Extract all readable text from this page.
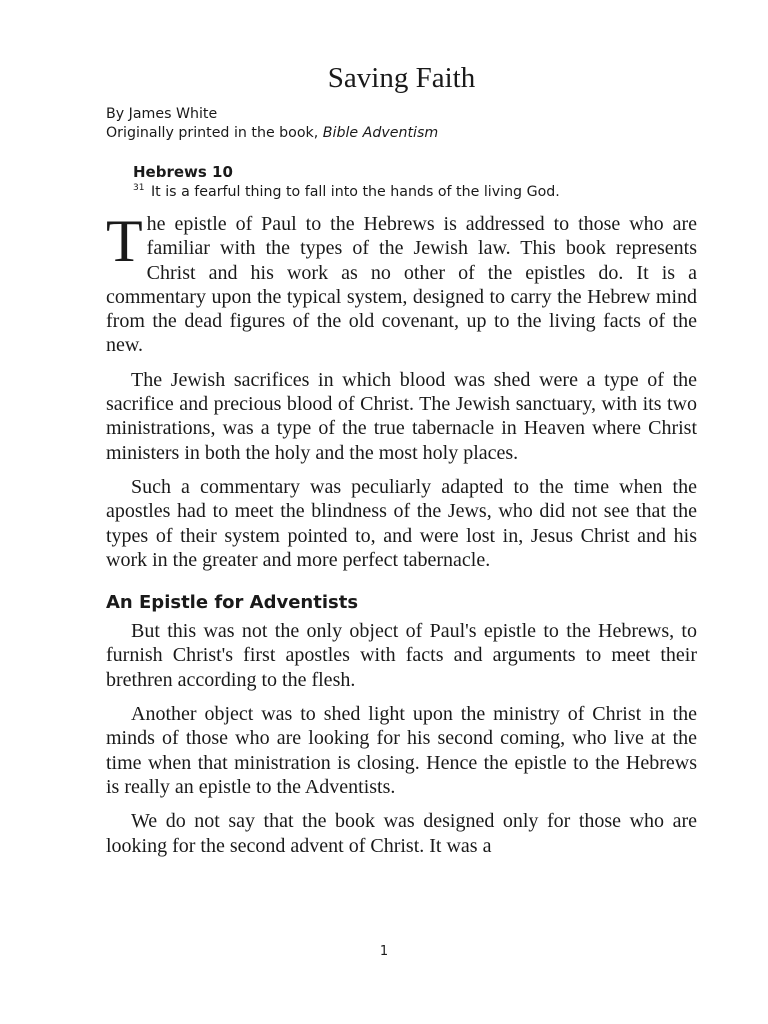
Saving Faith
By James White
Originally printed in the book, Bible Adventism
Hebrews 10
$^{31}$ It is a fearful thing to fall into the hands of the living God.

The epistle of Paul to the Hebrews is addressed to those who are familiar with the types of the Jewish law. This book represents Christ and his work as no other of the epistles do. It is a commentary upon the typical system, designed to carry the Hebrew mind from the dead figures of the old covenant, up to the living facts of the new.

The Jewish sacrifices in which blood was shed were a type of the sacrifice and precious blood of Christ. The Jewish sanctuary, with its two ministrations, was a type of the true tabernacle in Heaven where Christ ministers in both the holy and the most holy places.

Such a commentary was peculiarly adapted to the time when the apostles had to meet the blindness of the Jews, who did not see that the types of their system pointed to, and were lost in, Jesus Christ and his work in the greater and more perfect tabernacle.

An Epistle for Adventists

But this was not the only object of Paul's epistle to the Hebrews, to furnish Christ's first apostles with facts and arguments to meet their brethren according to the flesh.

Another object was to shed light upon the ministry of Christ in the minds of those who are looking for his second coming, who live at the time when that ministration is closing. Hence the epistle to the Hebrews is really an epistle to the Adventists.

We do not say that the book was designed only for those who are looking for the second advent of Christ. It was a

1
